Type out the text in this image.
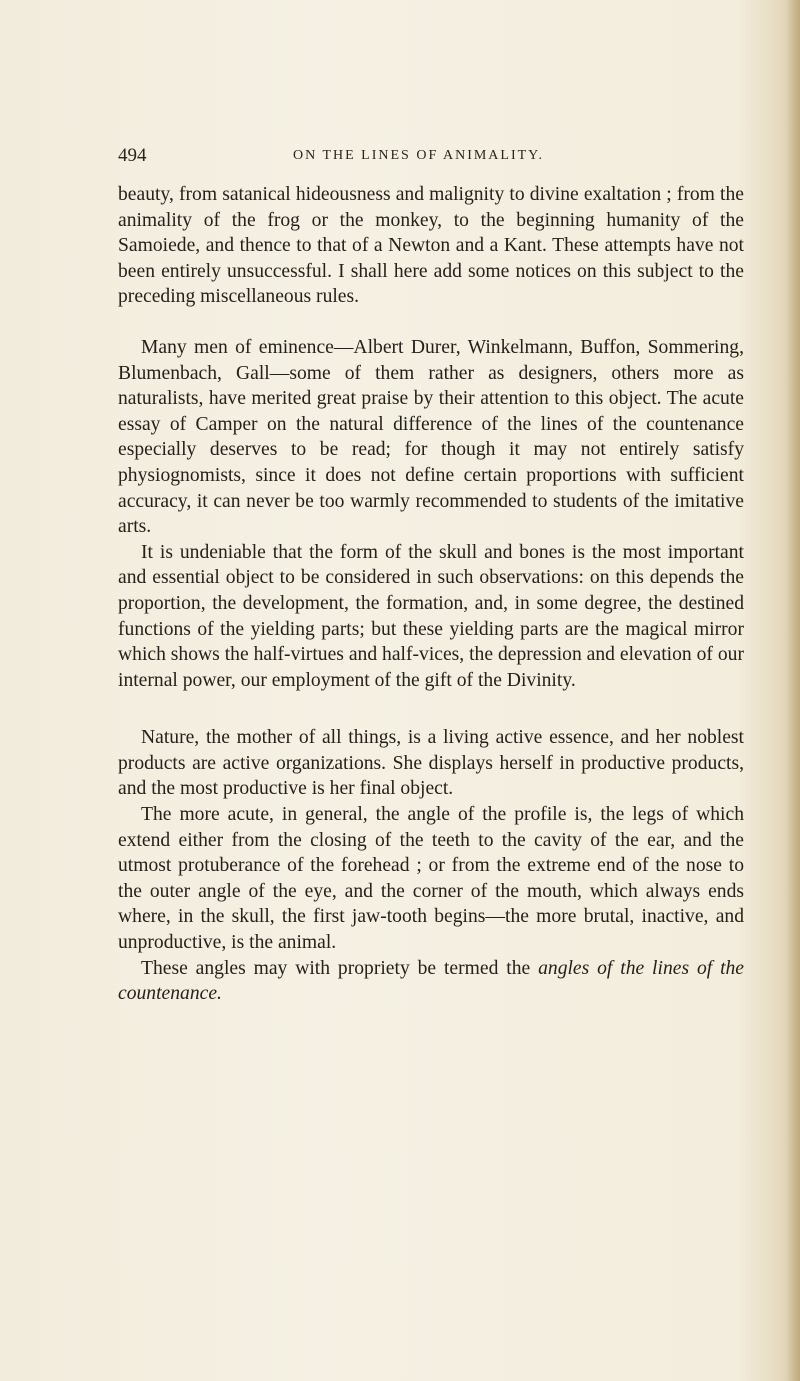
494	ON THE LINES OF ANIMALITY.

beauty, from satanical hideousness and malignity to divine exaltation ; from the animality of the frog or the monkey, to the beginning humanity of the Samoiede, and thence to that of a Newton and a Kant. These attempts have not been entirely unsuccessful. I shall here add some notices on this subject to the preceding miscellaneous rules.

Many men of eminence—Albert Durer, Winkelmann, Buffon, Sommering, Blumenbach, Gall—some of them rather as designers, others more as naturalists, have merited great praise by their attention to this object. The acute essay of Camper on the natural difference of the lines of the countenance especially deserves to be read; for though it may not entirely satisfy physiognomists, since it does not define certain proportions with sufficient accuracy, it can never be too warmly recommended to students of the imitative arts.

It is undeniable that the form of the skull and bones is the most important and essential object to be considered in such observations: on this depends the proportion, the development, the formation, and, in some degree, the destined functions of the yielding parts; but these yielding parts are the magical mirror which shows the half-virtues and half-vices, the depression and elevation of our internal power, our employment of the gift of the Divinity.

Nature, the mother of all things, is a living active essence, and her noblest products are active organizations. She displays herself in productive products, and the most productive is her final object.

The more acute, in general, the angle of the profile is, the legs of which extend either from the closing of the teeth to the cavity of the ear, and the utmost protuberance of the forehead ; or from the extreme end of the nose to the outer angle of the eye, and the corner of the mouth, which always ends where, in the skull, the first jaw-tooth begins—the more brutal, inactive, and unproductive, is the animal.

These angles may with propriety be termed the angles of the lines of the countenance.
